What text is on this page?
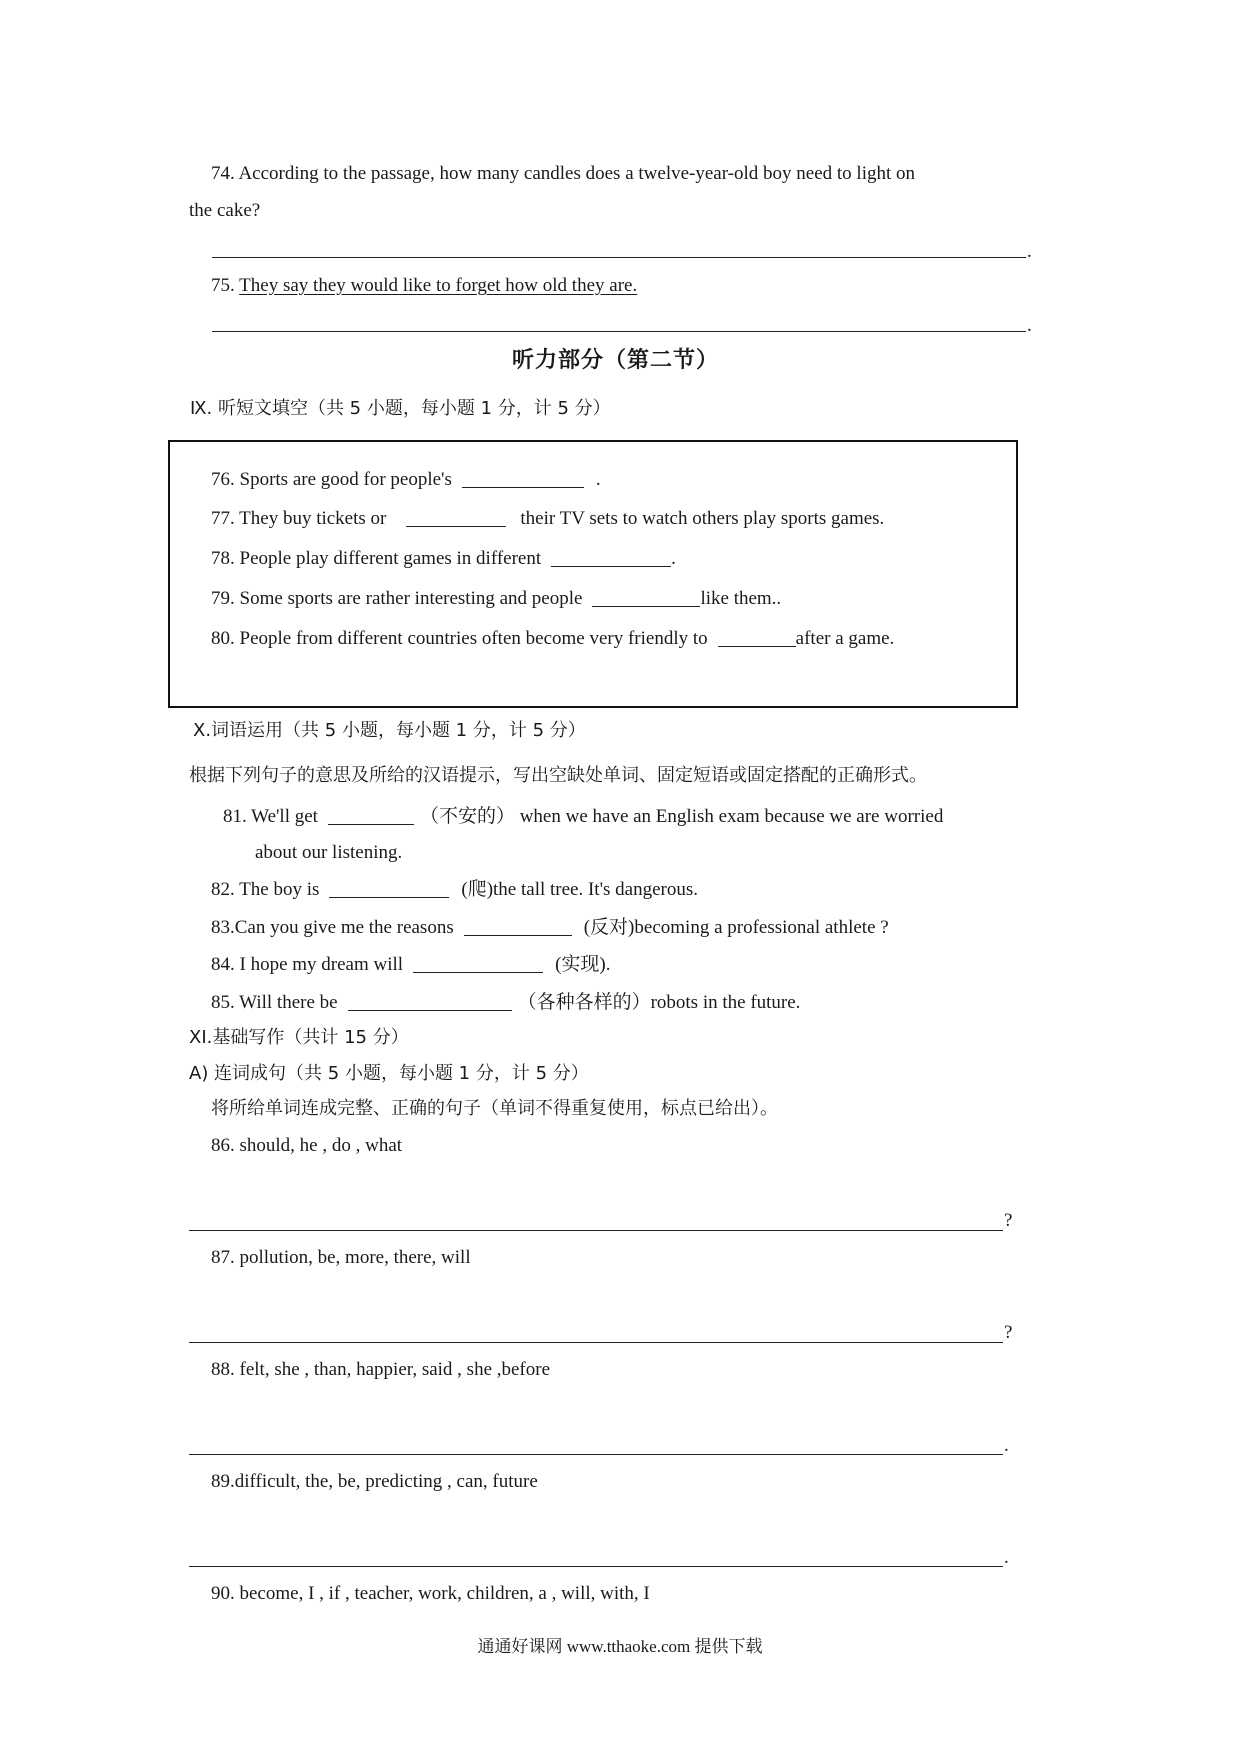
74. According to the passage, how many candles does a twelve-year-old boy need to light on
the cake?
.
75. They say they would like to forget how old they are.
.
听力部分（第二节）
Ⅸ. 听短文填空（共 5 小题，每小题 1 分，计 5 分）
76. Sports are good for people's	.
77. They buy tickets or	their TV sets to watch others play sports games.
78. People play different games in different	.
79. Some sports are rather interesting and people	like them..
80. People from different countries often become very friendly to	after a game.
Ⅹ.词语运用（共 5 小题，每小题 1 分，计 5 分）
根据下列句子的意思及所给的汉语提示，写出空缺处单词、固定短语或固定搭配的正确形式。
81. We'll get	（不安的） when we have an English exam because we are worried
about our listening.
82. The boy is	(爬)the tall tree. It's dangerous.
83.Can you give me the reasons	(反对)becoming a professional athlete ?
84. I hope my dream will	(实现).
85. Will there be	（各种各样的）robots in the future.
XI.基础写作（共计 15 分）
A) 连词成句（共 5 小题，每小题 1 分，计 5 分）
将所给单词连成完整、正确的句子（单词不得重复使用，标点已给出）。
86. should, he , do , what
?
87. pollution, be, more, there, will
?
88. felt, she , than, happier, said , she ,before
.
89.difficult, the, be, predicting , can, future
.
90. become, I , if , teacher, work, children, a , will, with, I
通通好课网 www.tthaoke.com 提供下载
